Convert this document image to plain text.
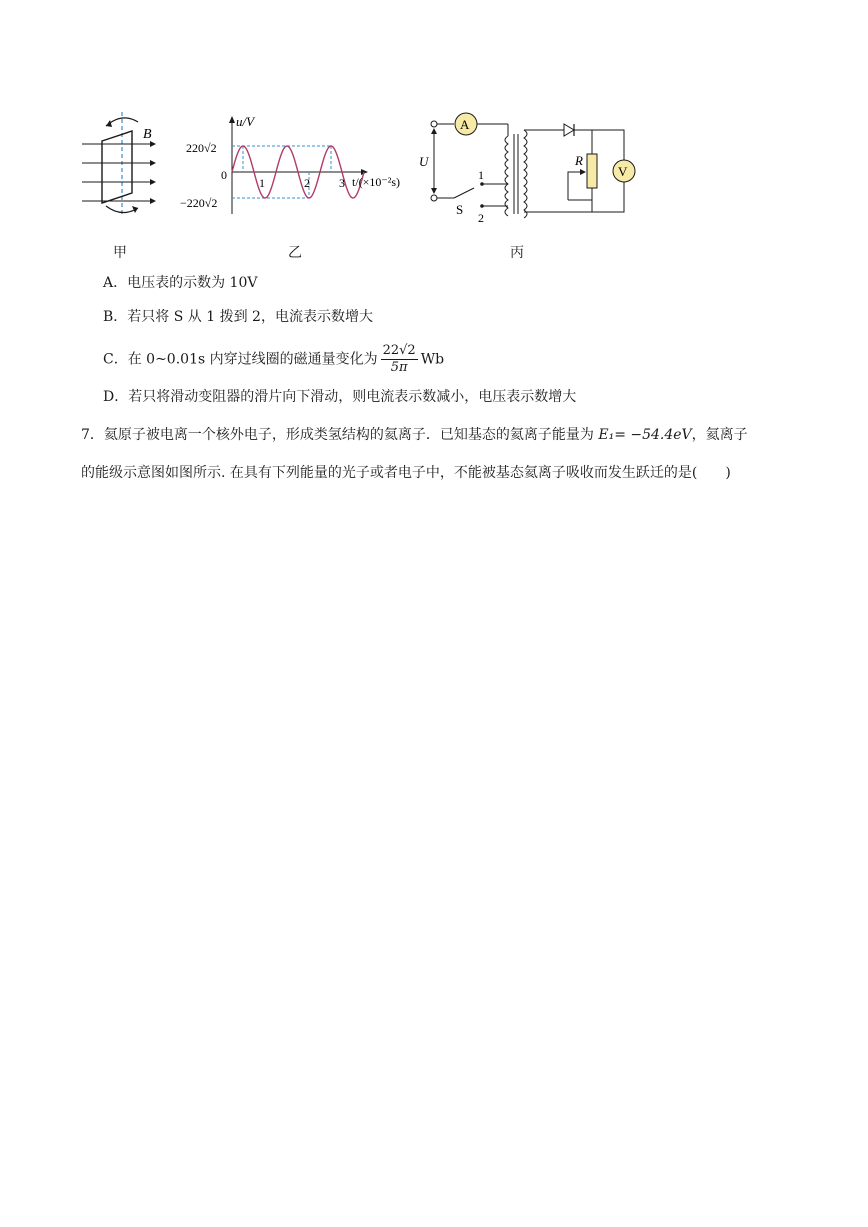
B
甲
u/V
t/(×10⁻²s)
0
220√2
−220√2
1	2 3
乙
U
A
1
2
S
R
V
丙
A．电压表的示数为 10V
B．若只将 S 从 1 拨到 2，电流表示数增大
C．在 0~0.01s 内穿过线圈的磁通量变化为 $\frac{22√2}{5\pi}$ Wb
D．若只将滑动变阻器的滑片向下滑动，则电流表示数减小，电压表示数增大
7．氦原子被电离一个核外电子，形成类氢结构的氦离子．已知基态的氦离子能量为 E₁= −54.4eV，氦离子
的能级示意图如图所示. 在具有下列能量的光子或者电子中，不能被基态氦离子吸收而发生跃迁的是(　　)
